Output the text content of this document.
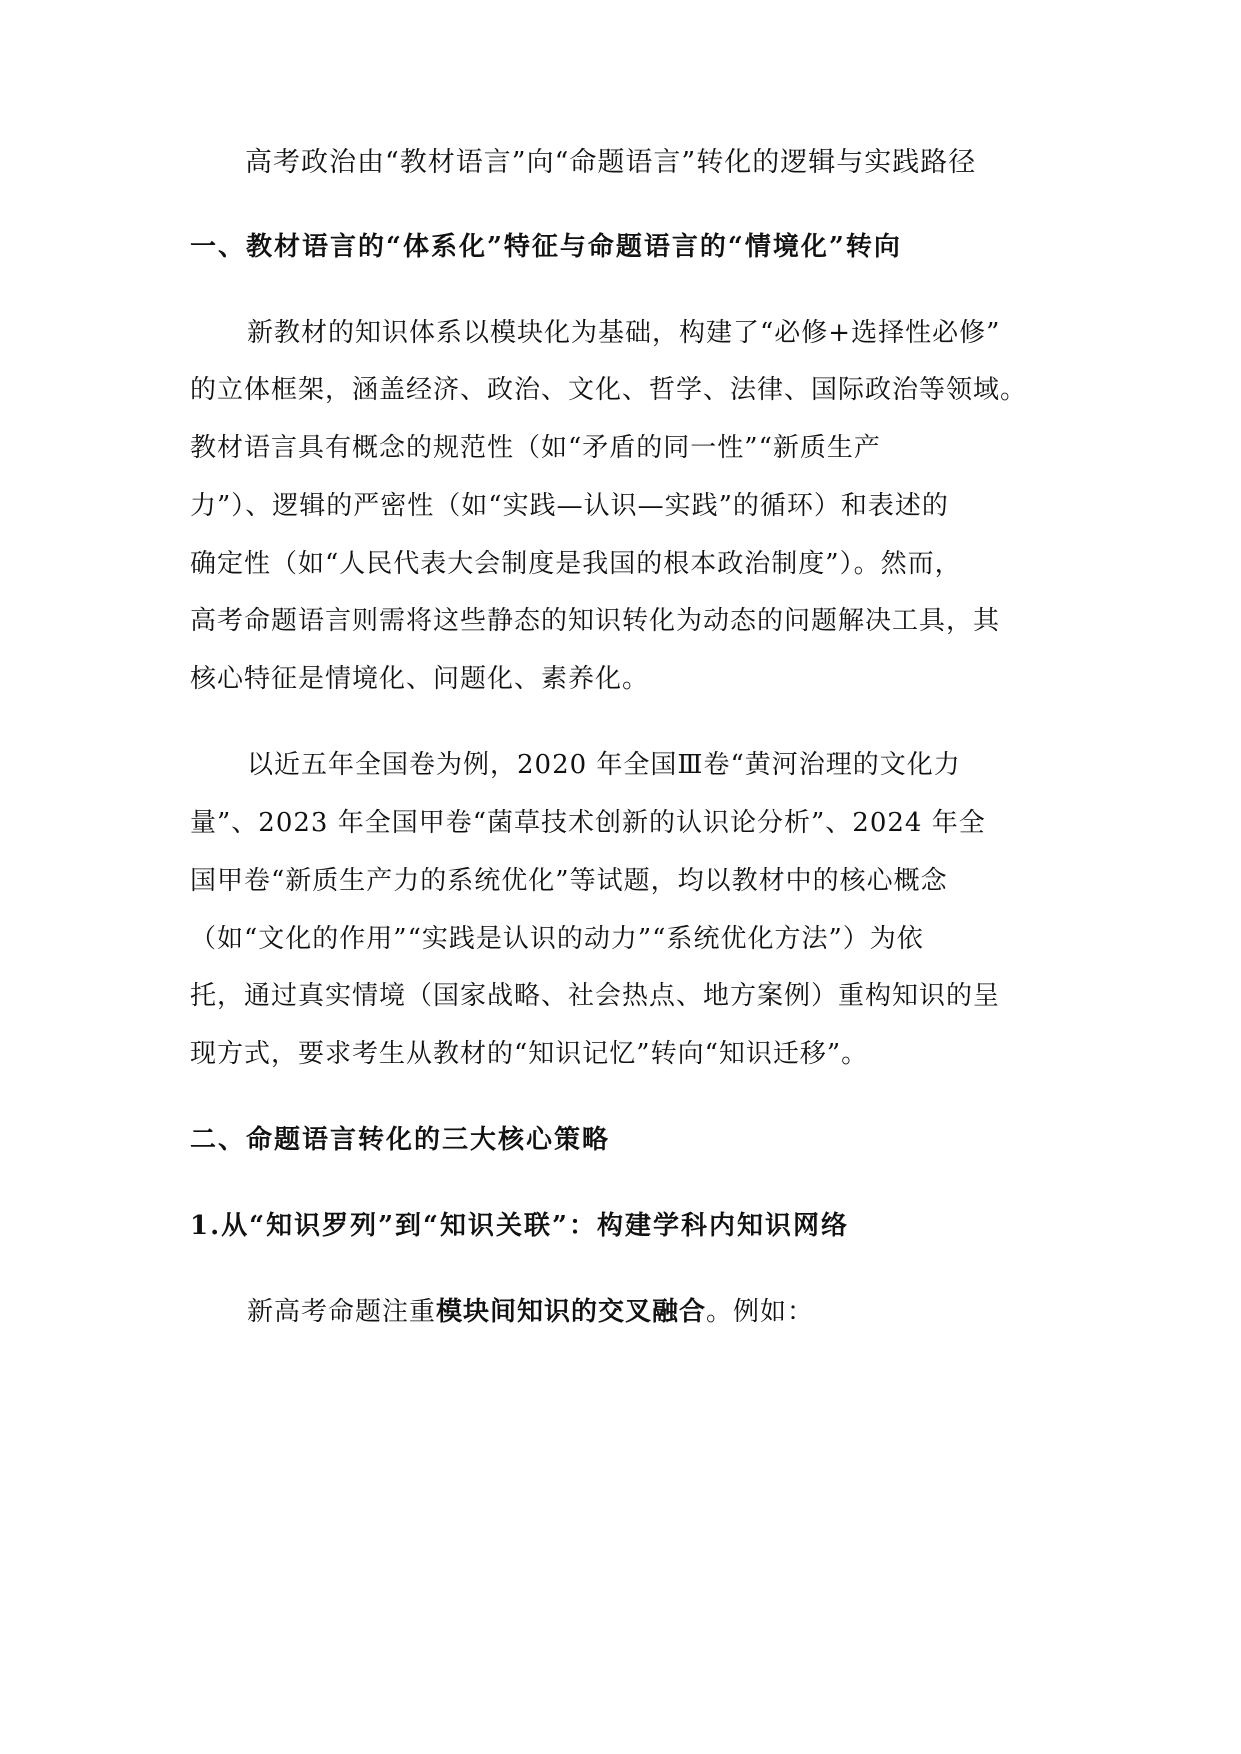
高考政治由“教材语言”向“命题语言”转化的逻辑与实践路径
一、教材语言的“体系化”特征与命题语言的“情境化”转向
新教材的知识体系以模块化为基础，构建了“必修+选择性必修”
的立体框架，涵盖经济、政治、文化、哲学、法律、国际政治等领域。
教材语言具有概念的规范性（如“矛盾的同一性”“新质生产
力”）、逻辑的严密性（如“实践—认识—实践”的循环）和表述的
确定性（如“人民代表大会制度是我国的根本政治制度”）。然而，
高考命题语言则需将这些静态的知识转化为动态的问题解决工具，其
核心特征是情境化、问题化、素养化。
以近五年全国卷为例，2020 年全国Ⅲ卷“黄河治理的文化力
量”、2023 年全国甲卷“菌草技术创新的认识论分析”、2024 年全
国甲卷“新质生产力的系统优化”等试题，均以教材中的核心概念
（如“文化的作用”“实践是认识的动力”“系统优化方法”）为依
托，通过真实情境（国家战略、社会热点、地方案例）重构知识的呈
现方式，要求考生从教材的“知识记忆”转向“知识迁移”。
二、命题语言转化的三大核心策略
1.从“知识罗列”到“知识关联”：构建学科内知识网络
新高考命题注重模块间知识的交叉融合。例如：
